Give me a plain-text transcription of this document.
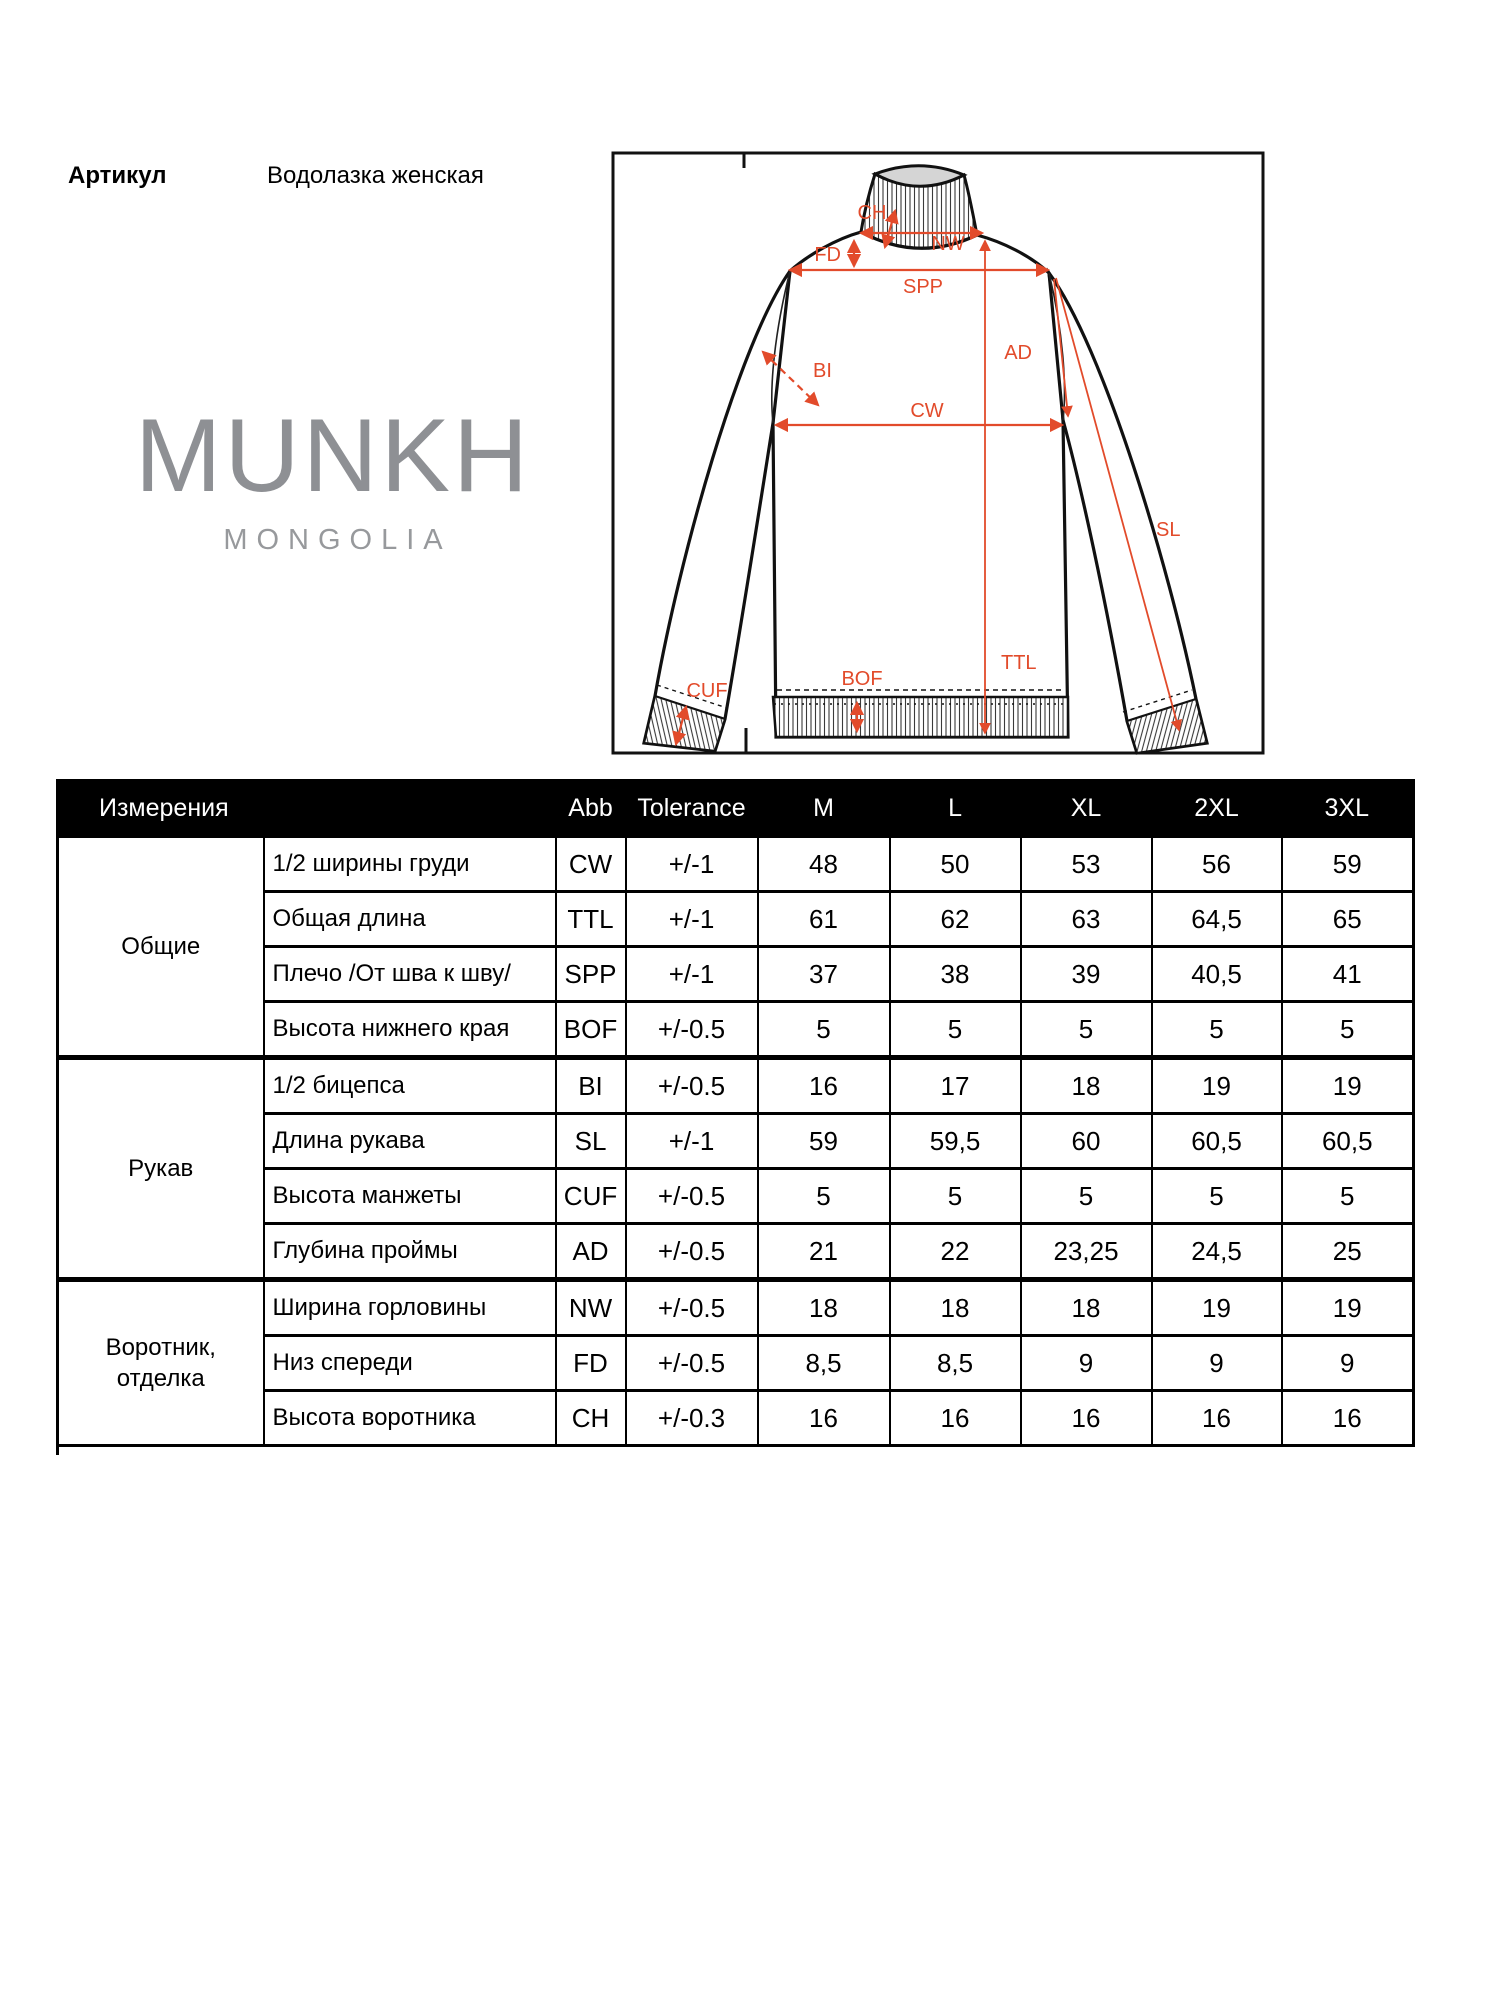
Артикул	Водолазка женская
MUNKH
MONGOLIA
CH
NW
FD
SPP
BI
CW
AD
SL
TTL
BOF
CUF
Измерения		Abb	Tolerance	M	L	XL	2XL	3XL
Общие	1/2 ширины груди	CW	+/-1	48	50	53	56	59
	Общая длина	TTL	+/-1	61	62	63	64,5	65
	Плечо /От шва к шву/	SPP	+/-1	37	38	39	40,5	41
	Высота нижнего края	BOF	+/-0.5	5	5	5	5	5
Рукав	1/2 бицепса	BI	+/-0.5	16	17	18	19	19
	Длина рукава	SL	+/-1	59	59,5	60	60,5	60,5
	Высота манжеты	CUF	+/-0.5	5	5	5	5	5
	Глубина проймы	AD	+/-0.5	21	22	23,25	24,5	25
Воротник, отделка	Ширина горловины	NW	+/-0.5	18	18	18	19	19
	Низ спереди	FD	+/-0.5	8,5	8,5	9	9	9
	Высота воротника	CH	+/-0.3	16	16	16	16	16
